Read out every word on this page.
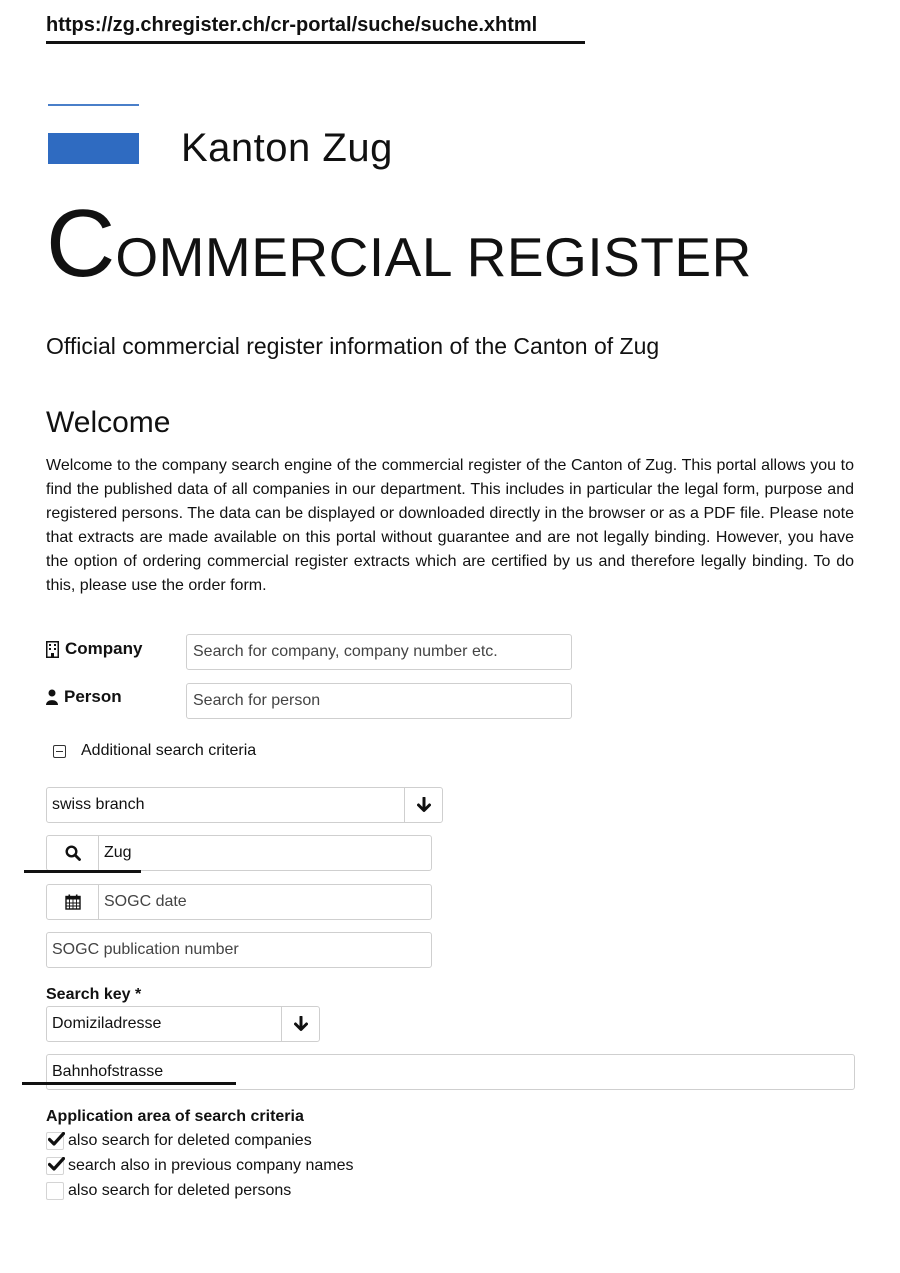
https://zg.chregister.ch/cr-portal/suche/suche.xhtml
Kanton Zug
COMMERCIAL REGISTER
Official commercial register information of the Canton of Zug
Welcome

Welcome to the company search engine of the commercial register of the Canton of Zug. This portal allows you to find the published data of all companies in our department. This includes in particular the legal form, purpose and registered persons. The data can be displayed or downloaded directly in the browser or as a PDF file. Please note that extracts are made available on this portal without guarantee and are not legally binding. However, you have the option of ordering commercial register extracts which are certified by us and therefore legally binding. To do this, please use the order form.

Company
Search for company, company number etc.
Person
Search for person
Additional search criteria
swiss branch
Zug
SOGC date
SOGC publication number
Search key *
Domiziladresse
Bahnhofstrasse
Application area of search criteria
also search for deleted companies
search also in previous company names
also search for deleted persons
